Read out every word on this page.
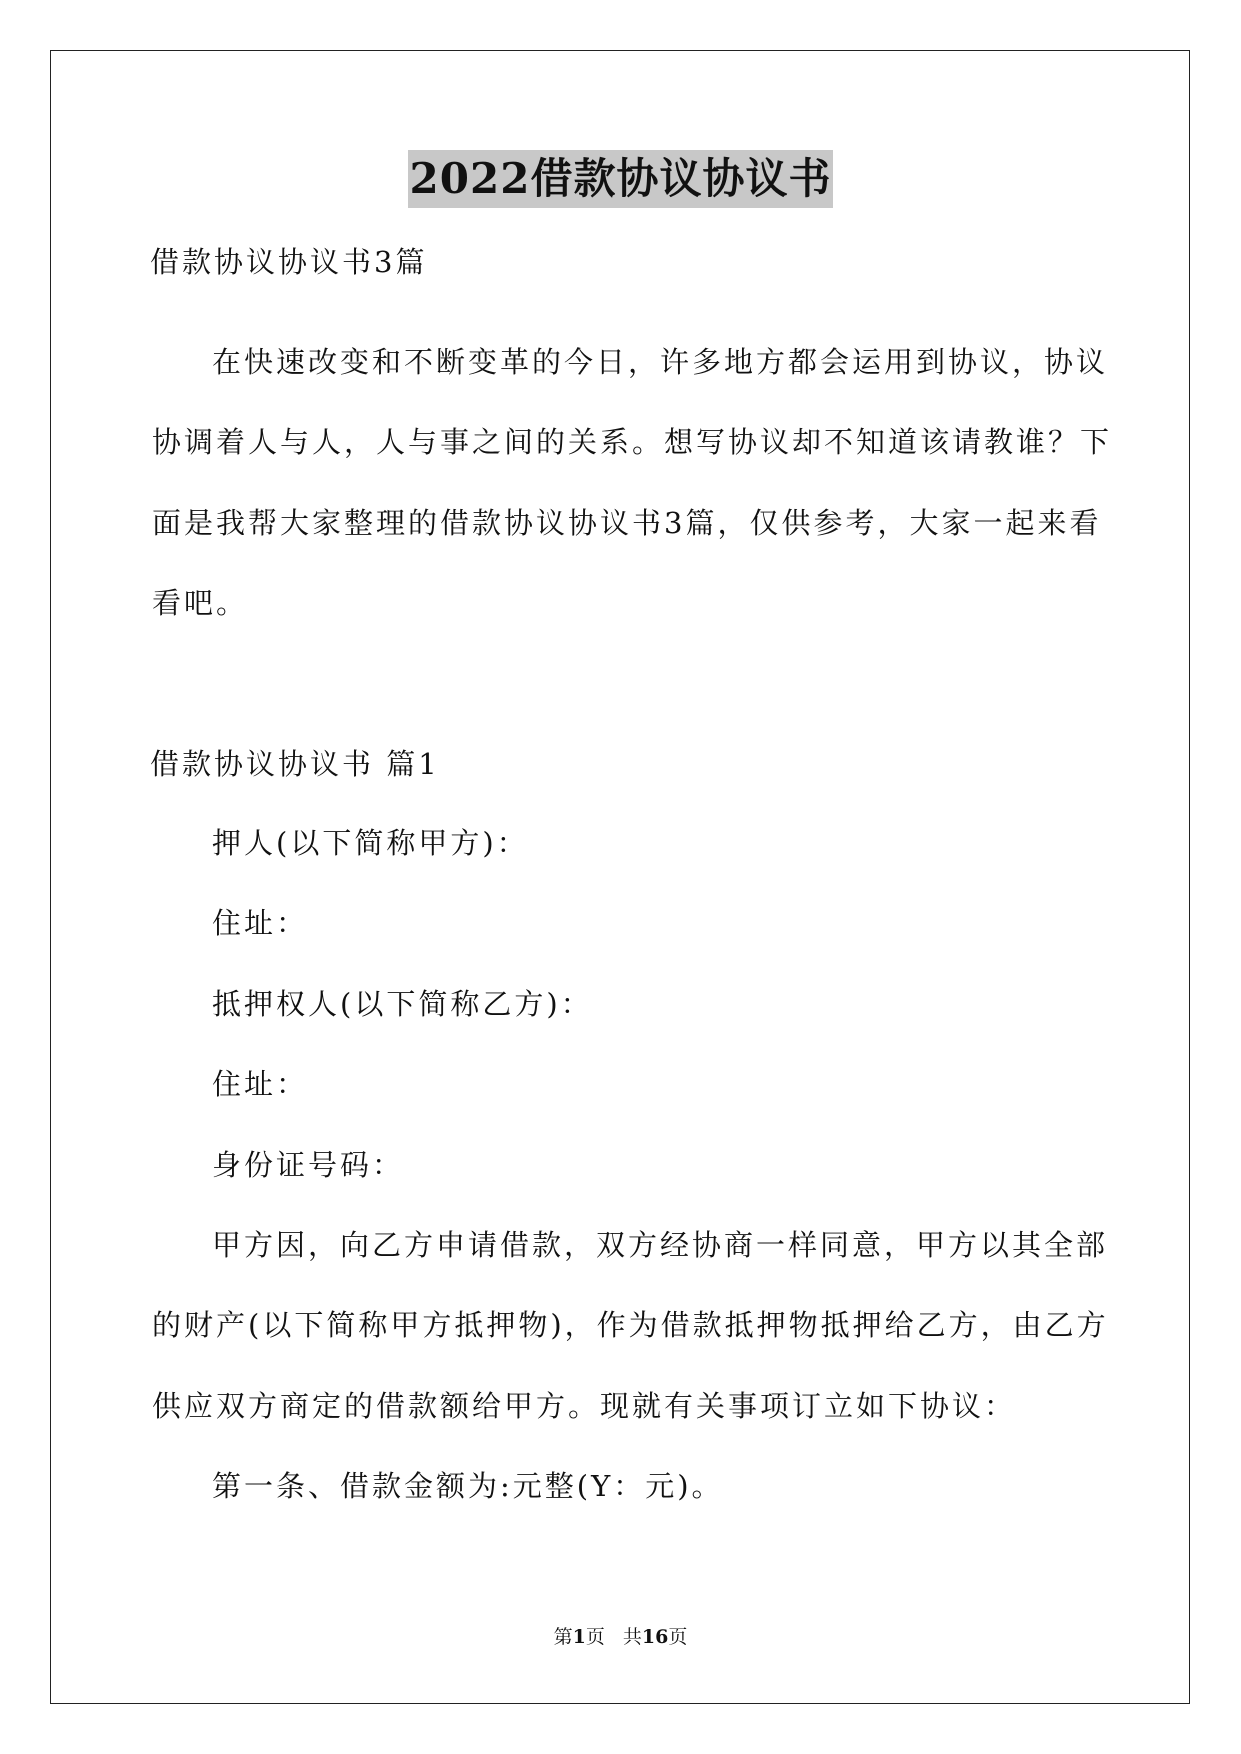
2022借款协议协议书
借款协议协议书3篇
在快速改变和不断变革的今日，许多地方都会运用到协议，协议
协调着人与人，人与事之间的关系。想写协议却不知道该请教谁？下
面是我帮大家整理的借款协议协议书3篇，仅供参考，大家一起来看
看吧。
借款协议协议书 篇1
押人(以下简称甲方)：
住址：
抵押权人(以下简称乙方)：
住址：
身份证号码：
甲方因，向乙方申请借款，双方经协商一样同意，甲方以其全部
的财产(以下简称甲方抵押物)，作为借款抵押物抵押给乙方，由乙方
供应双方商定的借款额给甲方。现就有关事项订立如下协议：
第一条、借款金额为:元整(Y：元)。
第1页 共16页
